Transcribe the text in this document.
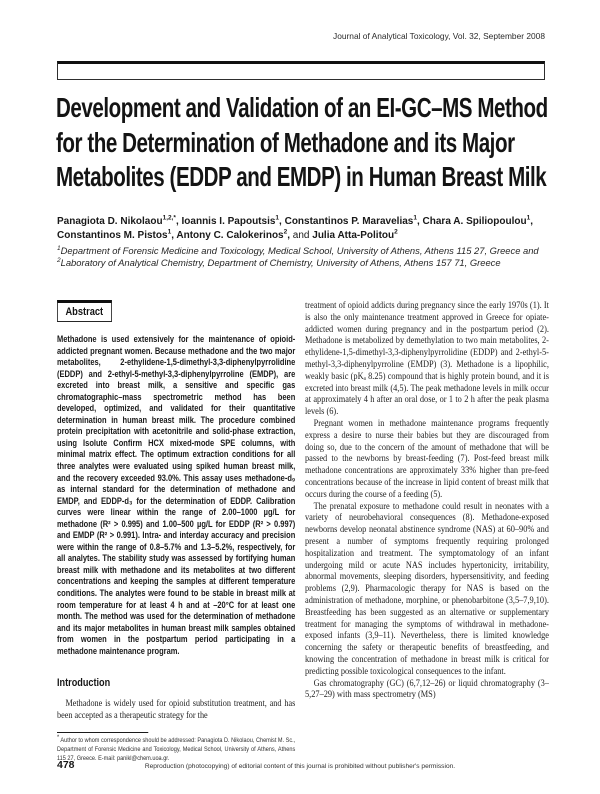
Journal of Analytical Toxicology, Vol. 32, September 2008
Development and Validation of an EI-GC–MS Method
for the Determination of Methadone and its Major
Metabolites (EDDP and EMDP) in Human Breast Milk
Panagiota D. Nikolaou$^{1,2,*}$, Ioannis I. Papoutsis$^1$, Constantinos P. Maravelias$^1$, Chara A. Spiliopoulou$^1$,
Constantinos M. Pistos$^1$, Antony C. Calokerinos$^2$, and Julia Atta-Politou$^2$
$^1$Department of Forensic Medicine and Toxicology, Medical School, University of Athens, Athens 115 27, Greece and
$^2$Laboratory of Analytical Chemistry, Department of Chemistry, University of Athens, Athens 157 71, Greece
Abstract

Methadone is used extensively for the maintenance of opioid-addicted pregnant women. Because methadone and the two major metabolites, 2-ethylidene-1,5-dimethyl-3,3-diphenylpyrrolidine (EDDP) and 2-ethyl-5-methyl-3,3-diphenylpyrroline (EMDP), are excreted into breast milk, a sensitive and specific gas chromatographic–mass spectrometric method has been developed, optimized, and validated for their quantitative determination in human breast milk. The procedure combined protein precipitation with acetonitrile and solid-phase extraction, using Isolute Confirm HCX mixed-mode SPE columns, with minimal matrix effect. The optimum extraction conditions for all three analytes were evaluated using spiked human breast milk, and the recovery exceeded 93.0%. This assay uses methadone-d₉ as internal standard for the determination of methadone and EMDP, and EDDP-d₃ for the determination of EDDP. Calibration curves were linear within the range of 2.00–1000 µg/L for methadone (R² > 0.995) and 1.00–500 µg/L for EDDP (R² > 0.997) and EMDP (R² > 0.991). Intra- and interday accuracy and precision were within the range of 0.8–5.7% and 1.3–5.2%, respectively, for all analytes. The stability study was assessed by fortifying human breast milk with methadone and its metabolites at two different concentrations and keeping the samples at different temperature conditions. The analytes were found to be stable in breast milk at room temperature for at least 4 h and at –20°C for at least one month. The method was used for the determination of methadone and its major metabolites in human breast milk samples obtained from women in the postpartum period participating in a methadone maintenance program.

Introduction

Methadone is widely used for opioid substitution treatment, and has been accepted as a therapeutic strategy for the

* Author to whom correspondence should be addressed: Panagiota D. Nikolaou, Chemist M. Sc., Department of Forensic Medicine and Toxicology, Medical School, University of Athens, Athens 115 27, Greece. E-mail: panikl@chem.uoa.gr.

treatment of opioid addicts during pregnancy since the early 1970s (1). It is also the only maintenance treatment approved in Greece for opiate-addicted women during pregnancy and in the postpartum period (2). Methadone is metabolized by demethylation to two main metabolites, 2-ethylidene-1,5-dimethyl-3,3-diphenylpyrrolidine (EDDP) and 2-ethyl-5-methyl-3,3-diphenylpyrroline (EMDP) (3). Methadone is a lipophilic, weakly basic (pKₐ 8.25) compound that is highly protein bound, and it is excreted into breast milk (4,5). The peak methadone levels in milk occur at approximately 4 h after an oral dose, or 1 to 2 h after the peak plasma levels (6).

Pregnant women in methadone maintenance programs frequently express a desire to nurse their babies but they are discouraged from doing so, due to the concern of the amount of methadone that will be passed to the newborns by breast-feeding (7). Post-feed breast milk methadone concentrations are approximately 33% higher than pre-feed concentrations because of the increase in lipid content of breast milk that occurs during the course of a feeding (5).

The prenatal exposure to methadone could result in neonates with a variety of neurobehavioral consequences (8). Methadone-exposed newborns develop neonatal abstinence syndrome (NAS) at 60–90% and present a number of symptoms frequently requiring prolonged hospitalization and treatment. The symptomatology of an infant undergoing mild or acute NAS includes hypertonicity, irritability, abnormal movements, sleeping disorders, hypersensitivity, and feeding problems (2,9). Pharmacologic therapy for NAS is based on the administration of methadone, morphine, or phenobarbitone (3,5–7,9,10). Breastfeeding has been suggested as an alternative or supplementary treatment for managing the symptoms of withdrawal in methadone-exposed infants (3,9–11). Nevertheless, there is limited knowledge concerning the safety or therapeutic benefits of breastfeeding, and knowing the concentration of methadone in breast milk is critical for predicting possible toxicological consequences to the infant.

Gas chromatography (GC) (6,7,12–26) or liquid chromatography (3–5,27–29) with mass spectrometry (MS)

478	Reproduction (photocopying) of editorial content of this journal is prohibited without publisher's permission.
